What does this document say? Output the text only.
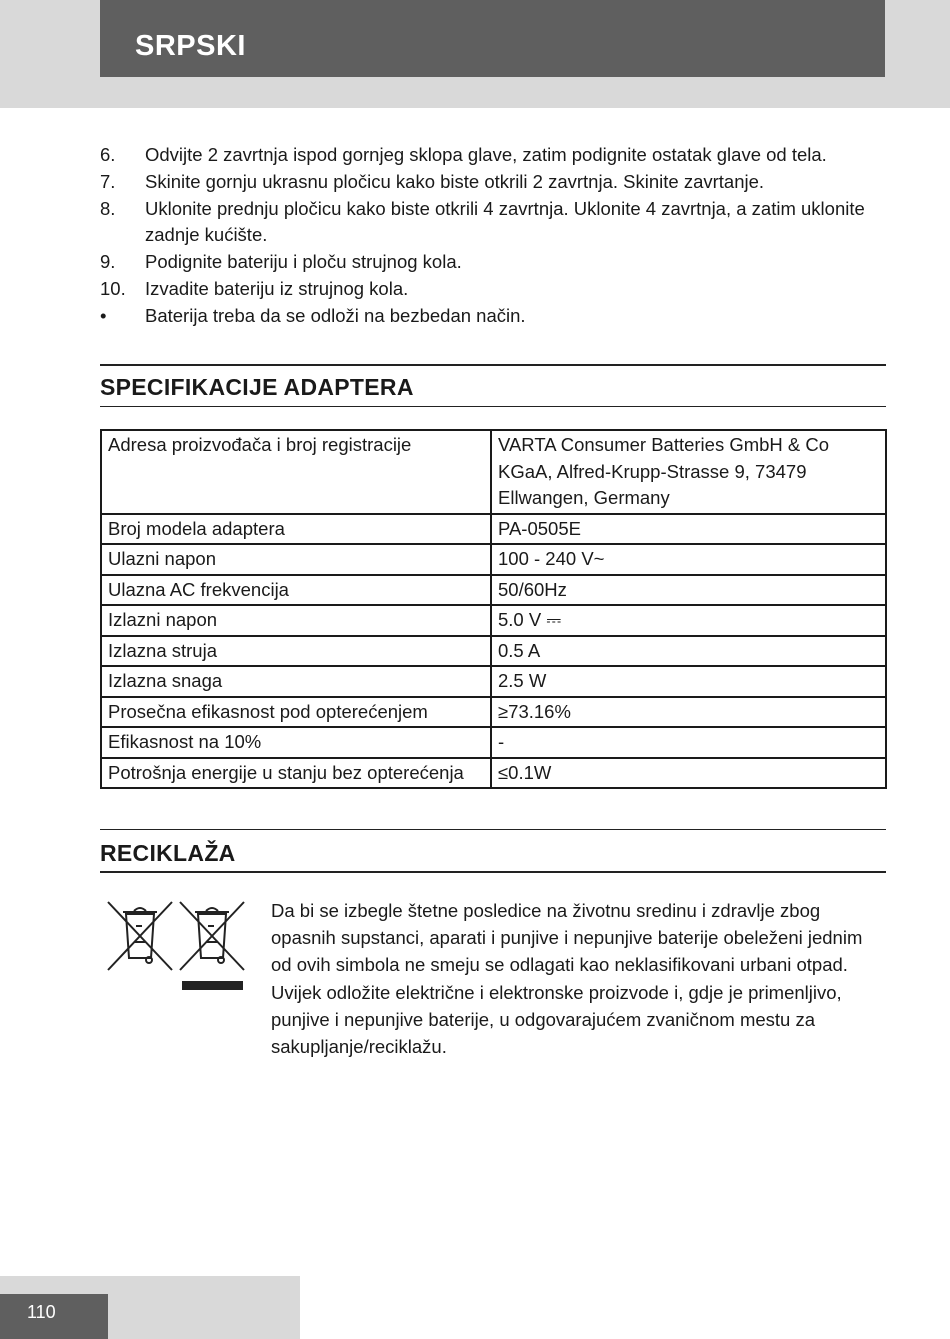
SRPSKI
6.	Odvijte 2 zavrtnja ispod gornjeg sklopa glave, zatim podignite ostatak glave od tela.
7.	Skinite gornju ukrasnu pločicu kako biste otkrili 2 zavrtnja. Skinite zavrtanje.
8.	Uklonite prednju pločicu kako biste otkrili 4 zavrtnja. Uklonite 4 zavrtnja, a zatim uklonite zadnje kućište.
9.	Podignite bateriju i ploču strujnog kola.
10.	Izvadite bateriju iz strujnog kola.
•	Baterija treba da se odloži na bezbedan način.
SPECIFIKACIJE ADAPTERA
Adresa proizvođača i broj registracije	VARTA Consumer Batteries GmbH & Co KGaA, Alfred-Krupp-Strasse 9, 73479 Ellwangen, Germany
Broj modela adaptera	PA-0505E
Ulazni napon	100 - 240 V~
Ulazna AC frekvencija	50/60Hz
Izlazni napon	5.0 V ⎓
Izlazna struja	0.5 A
Izlazna snaga	2.5 W
Prosečna efikasnost pod opterećenjem	≥73.16%
Efikasnost na 10%	-
Potrošnja energije u stanju bez opterećenja	≤0.1W
RECIKLAŽA
Da bi se izbegle štetne posledice na životnu sredinu i zdravlje zbog opasnih supstanci, aparati i punjive i nepunjive baterije obeleženi jednim od ovih simbola ne smeju se odlagati kao neklasifikovani urbani otpad. Uvijek odložite električne i elektronske proizvode i, gdje je primenljivo, punjive i nepunjive baterije, u odgovarajućem zvaničnom mestu za sakupljanje/reciklažu.
110
